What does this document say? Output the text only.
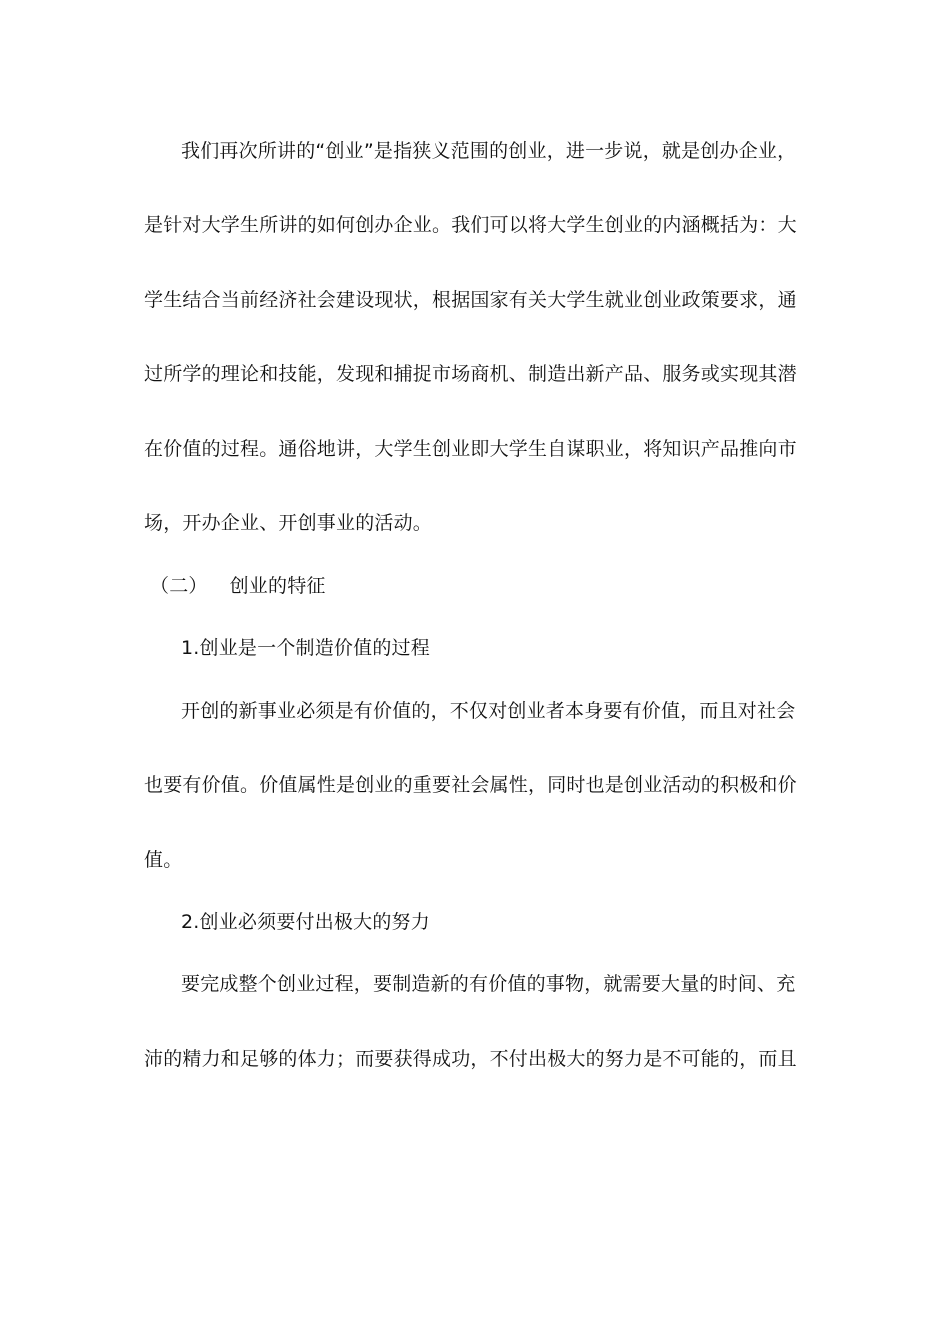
我们再次所讲的“创业”是指狭义范围的创业，进一步说，就是创办企业，
是针对大学生所讲的如何创办企业。我们可以将大学生创业的内涵概括为：大
学生结合当前经济社会建设现状，根据国家有关大学生就业创业政策要求，通
过所学的理论和技能，发现和捕捉市场商机、制造出新产品、服务或实现其潜
在价值的过程。通俗地讲，大学生创业即大学生自谋职业，将知识产品推向市
场，开办企业、开创事业的活动。
（二） 创业的特征
1.创业是一个制造价值的过程
开创的新事业必须是有价值的，不仅对创业者本身要有价值，而且对社会
也要有价值。价值属性是创业的重要社会属性，同时也是创业活动的积极和价
值。
2.创业必须要付出极大的努力
要完成整个创业过程，要制造新的有价值的事物，就需要大量的时间、充
沛的精力和足够的体力；而要获得成功，不付出极大的努力是不可能的，而且
